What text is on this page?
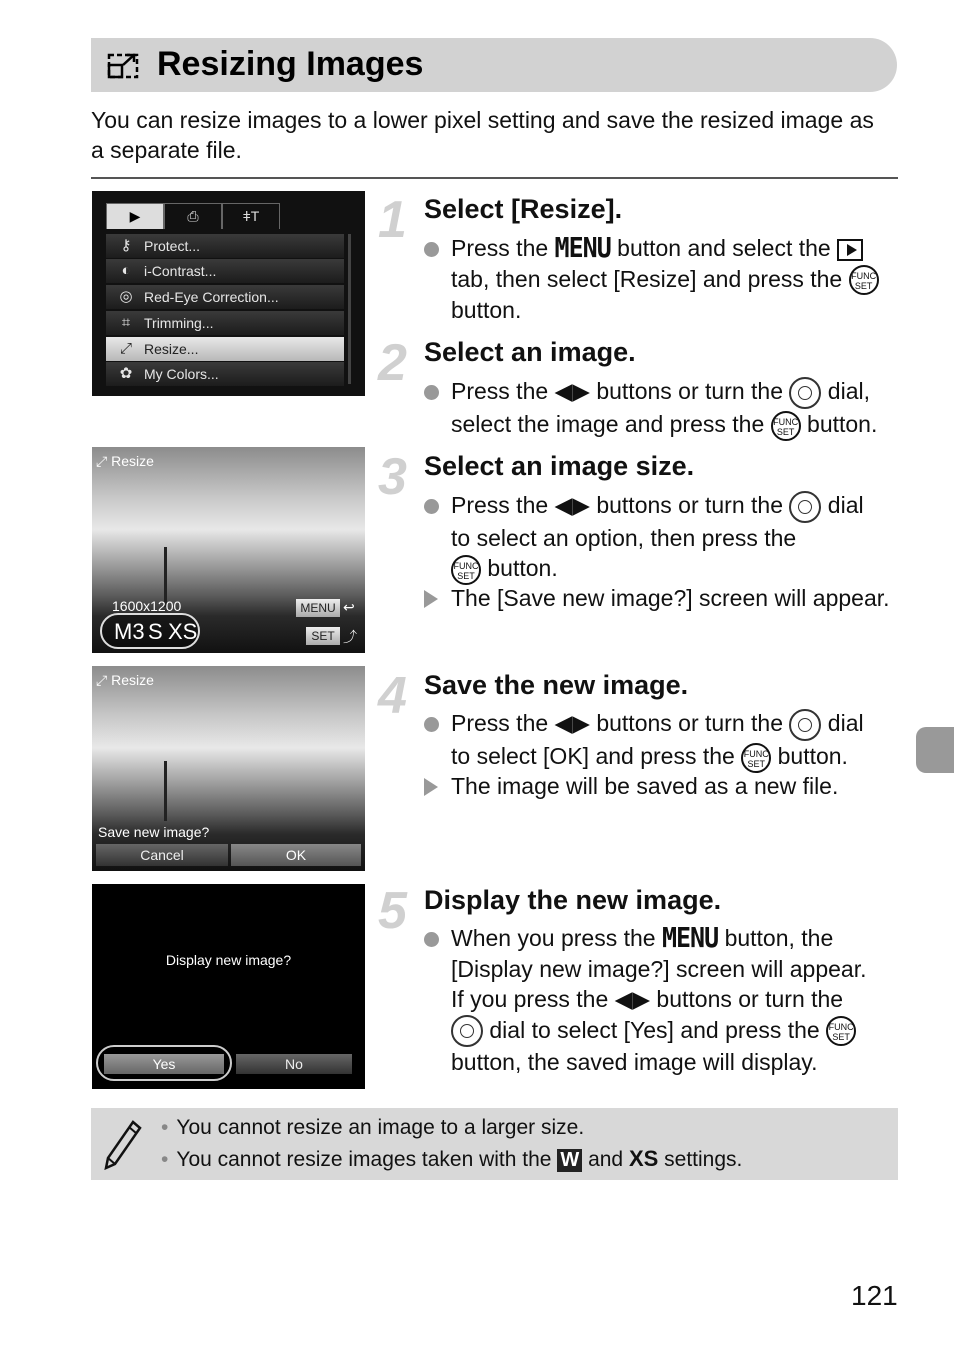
Resizing Images
You can resize images to a lower pixel setting and save the resized image as a separate file.
▶	⎙	ǂT
⚷ Protect...
◐ i-Contrast...
◎ Red-Eye Correction...
⌗ Trimming...
⤢ Resize...
✿ My Colors...
⤢ Resize
1600x1200
M3 S XS
MENU ↩
SET ⤴
⤢ Resize
Save new image?
Cancel	OK
Display new image?
Yes	No
1 Select [Resize].
Press the MENU button and select the
tab, then select [Resize] and press the FUNC
SET
button.
2 Select an image.
Press the ◀▶ buttons or turn the dial,
select the image and press the FUNC
SET button.
3 Select an image size.
Press the ◀▶ buttons or turn the dial
to select an option, then press the
FUNC
SET button.
The [Save new image?] screen will appear.
4 Save the new image.
Press the ◀▶ buttons or turn the dial
to select [OK] and press the FUNC
SET button.
The image will be saved as a new file.
5 Display the new image.
When you press the MENU button, the
[Display new image?] screen will appear.
If you press the ◀▶ buttons or turn the
dial to select [Yes] and press the FUNC
SET
button, the saved image will display.
• You cannot resize an image to a larger size.
• You cannot resize images taken with the W and XS settings.
121
